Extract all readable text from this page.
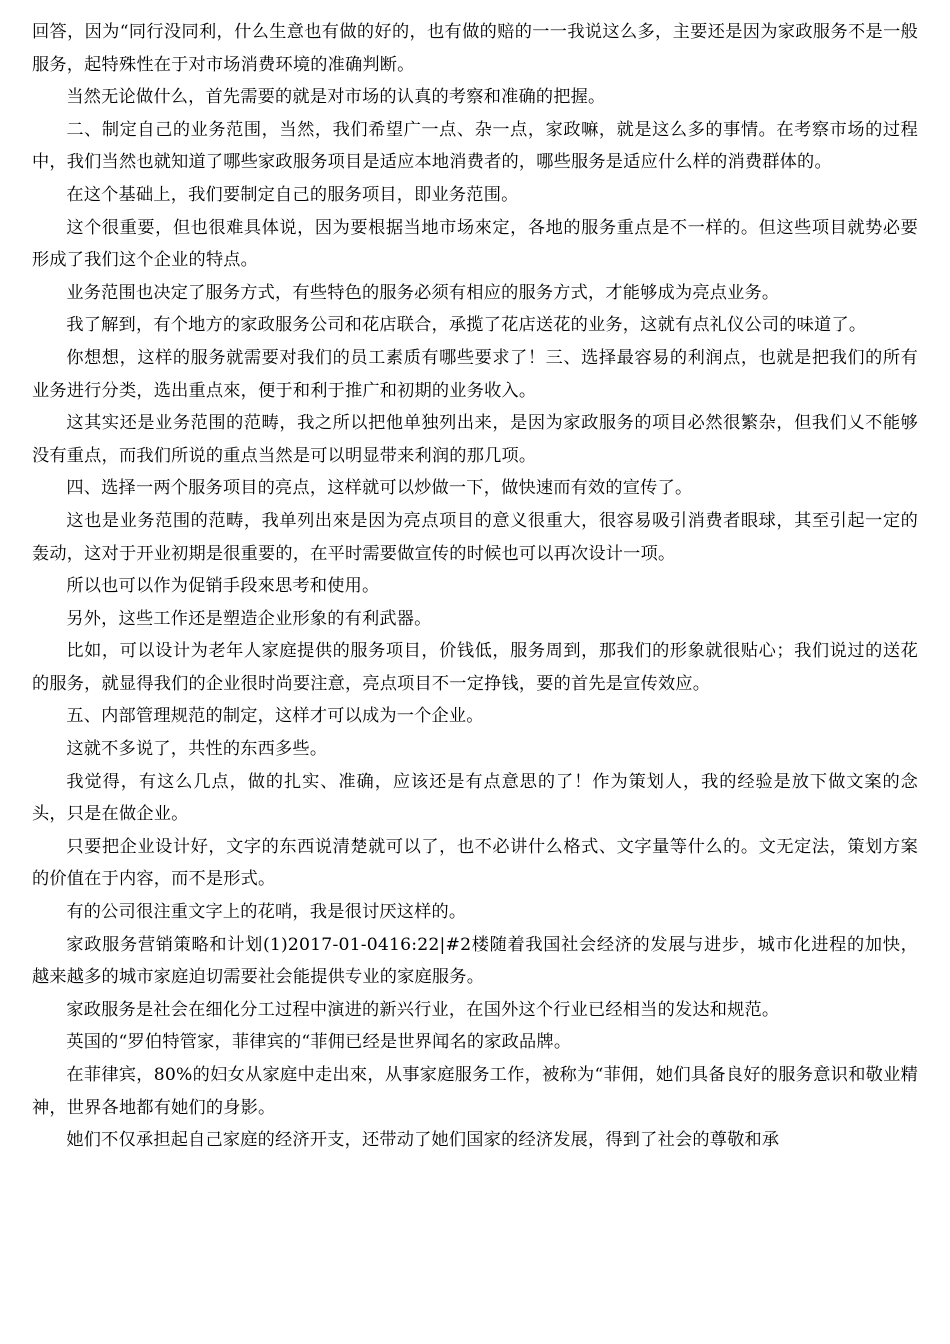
回答，因为“同行没同利，什么生意也有做的好的，也有做的赔的一一我说这么多，主要还是因为家政服务不是一般服务，起特殊性在于对市场消费环境的准确判断。

当然无论做什么，首先需要的就是对市场的认真的考察和准确的把握。

二、制定自己的业务范围，当然，我们希望广一点、杂一点，家政嘛，就是这么多的事情。在考察市场的过程中，我们当然也就知道了哪些家政服务项目是适应本地消费者的，哪些服务是适应什么样的消费群体的。

在这个基础上，我们要制定自己的服务项目，即业务范围。

这个很重要，但也很难具体说，因为要根据当地市场來定，各地的服务重点是不一样的。但这些项目就势必要形成了我们这个企业的特点。

业务范围也决定了服务方式，有些特色的服务必须有相应的服务方式，才能够成为亮点业务。

我了解到，有个地方的家政服务公司和花店联合，承揽了花店送花的业务，这就有点礼仪公司的味道了。

你想想，这样的服务就需要对我们的员工素质有哪些要求了！三、选择最容易的利润点，也就是把我们的所有业务进行分类，选出重点來，便于和利于推广和初期的业务收入。

这其实还是业务范围的范畴，我之所以把他单独列出来，是因为家政服务的项目必然很繁杂，但我们乂不能够没有重点，而我们所说的重点当然是可以明显带来利润的那几项。

四、选择一两个服务项目的亮点，这样就可以炒做一下，做快速而有效的宣传了。

这也是业务范围的范畴，我单列出來是因为亮点项目的意义很重大，很容易吸引消费者眼球，其至引起一定的轰动，这对于开业初期是很重要的，在平时需要做宣传的时候也可以再次设计一项。

所以也可以作为促销手段來思考和使用。

另外，这些工作还是塑造企业形象的有利武器。

比如，可以设计为老年人家庭提供的服务项目，价钱低，服务周到，那我们的形象就很贴心；我们说过的送花的服务，就显得我们的企业很时尚要注意，亮点项目不一定挣钱，要的首先是宣传效应。

五、内部管理规范的制定，这样才可以成为一个企业。

这就不多说了，共性的东西多些。

我觉得，有这么几点，做的扎实、准确，应该还是有点意思的了！作为策划人，我的经验是放下做文案的念头，只是在做企业。

只要把企业设计好，文字的东西说清楚就可以了，也不必讲什么格式、文字量等什么的。文无定法，策划方案的价值在于内容，而不是形式。

有的公司很注重文字上的花哨，我是很讨厌这样的。

家政服务营销策略和计划(1)2017-01-0416:22|#2楼随着我国社会经济的发展与进步，城市化进程的加快，越来越多的城市家庭迫切需要社会能提供专业的家庭服务。

家政服务是社会在细化分工过程中演进的新兴行业，在国外这个行业已经相当的发达和规范。

英国的“罗伯特管家，菲律宾的“菲佣已经是世界闻名的家政品牌。

在菲律宾，80%的妇女从家庭中走出來，从事家庭服务工作，被称为“菲佣，她们具备良好的服务意识和敬业精神，世界各地都有她们的身影。

她们不仅承担起自己家庭的经济开支，还带动了她们国家的经济发展，得到了社会的尊敬和承
